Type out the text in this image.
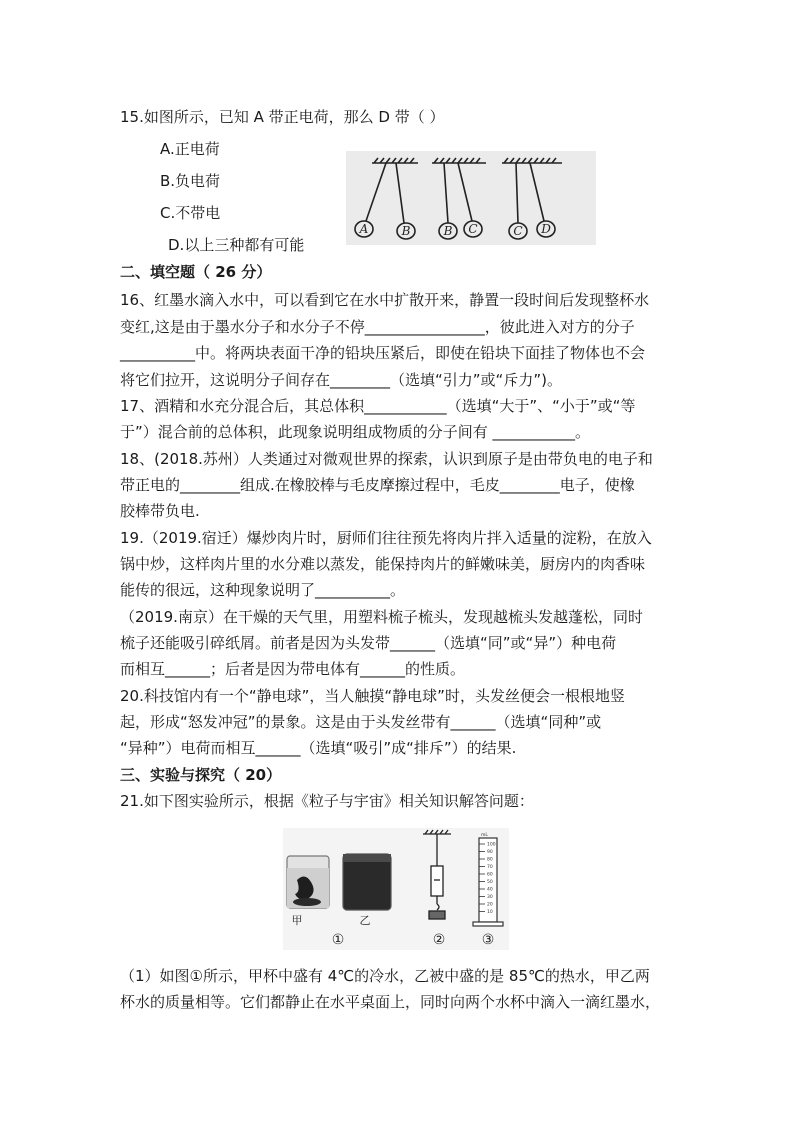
15.如图所示，已知 A 带正电荷，那么 D 带（ ）
A.正电荷
B.负电荷
C.不带电
D.以上三种都有可能
A	B	B C	C D
二、填空题（ 26 分）
16、红墨水滴入水中，可以看到它在水中扩散开来，静置一段时间后发现整杯水
变红,这是由于墨水分子和水分子不停________________，彼此进入对方的分子
__________中。将两块表面干净的铅块压紧后，即使在铅块下面挂了物体也不会
将它们拉开，这说明分子间存在________（选填“引力”或“斥力”)。
17、酒精和水充分混合后，其总体积___________（选填“大于”、“小于”或“等
于”）混合前的总体积，此现象说明组成物质的分子间有 ___________。
18、(2018.苏州）人类通过对微观世界的探索，认识到原子是由带负电的电子和
带正电的________组成.在橡胶棒与毛皮摩擦过程中，毛皮________电子，使橡
胶棒带负电.
19.（2019.宿迁）爆炒肉片时，厨师们往往预先将肉片拌入适量的淀粉，在放入
锅中炒，这样肉片里的水分难以蒸发，能保持肉片的鲜嫩味美，厨房内的肉香味
能传的很远，这种现象说明了__________。
（2019.南京）在干燥的天气里，用塑料梳子梳头，发现越梳头发越蓬松，同时
梳子还能吸引碎纸屑。前者是因为头发带______（选填“同”或“异”）种电荷
而相互______；后者是因为带电体有______的性质。
20.科技馆内有一个“静电球”，当人触摸“静电球”时，头发丝便会一根根地竖
起，形成“怒发冲冠”的景象。这是由于头发丝带有______（选填“同种”或
“异种”）电荷而相互______（选填“吸引”成“排斥”）的结果.
三、实验与探究（ 20）
21.如下图实验所示，根据《粒子与宇宙》相关知识解答问题：
mL
100
90
80
70
60
50
40
30
20
10
甲	乙
①	②	③
（1）如图①所示，甲杯中盛有 4℃的冷水，乙被中盛的是 85℃的热水，甲乙两
杯水的质量相等。它们都静止在水平桌面上，同时向两个水杯中滴入一滴红墨水，
